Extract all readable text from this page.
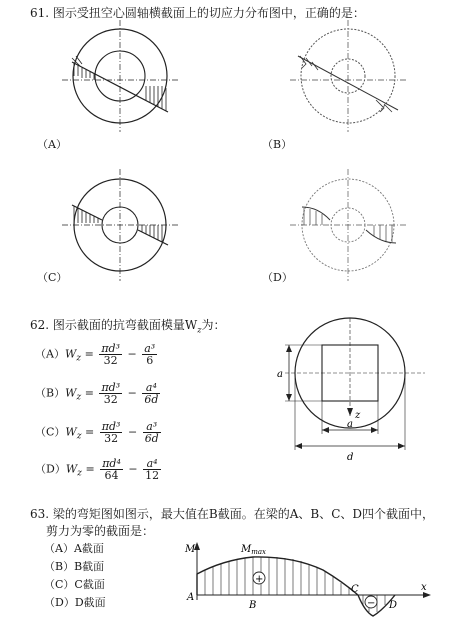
61. 图示受扭空心圆轴横截面上的切应力分布图中，正确的是：
（A）	（B）
（C）	（D）
62. 图示截面的抗弯截面模量$W_z$为：
$(A)W_z = \frac{\text{πd³}}{32} - \frac{\text{a³}}{6}$
$(B)W_z = \frac{\text{πd³}}{32} - \frac{\text{a⁴}}{6d}$
$(C)W_z = \frac{\text{πd³}}{32} - \frac{\text{a³}}{6d}$
$(D)W_z = \frac{\text{πd⁴}}{64} - \frac{\text{a⁴}}{12}$
a
z
a
d
63. 梁的弯矩图如图示，最大值在B截面。在梁的A、B、C、D四个截面中，
剪力为零的截面是：
（A）A截面
（B）B截面
（C）C截面
（D）D截面
+
−
M	$M_{max}$
A
B
C
D
x
